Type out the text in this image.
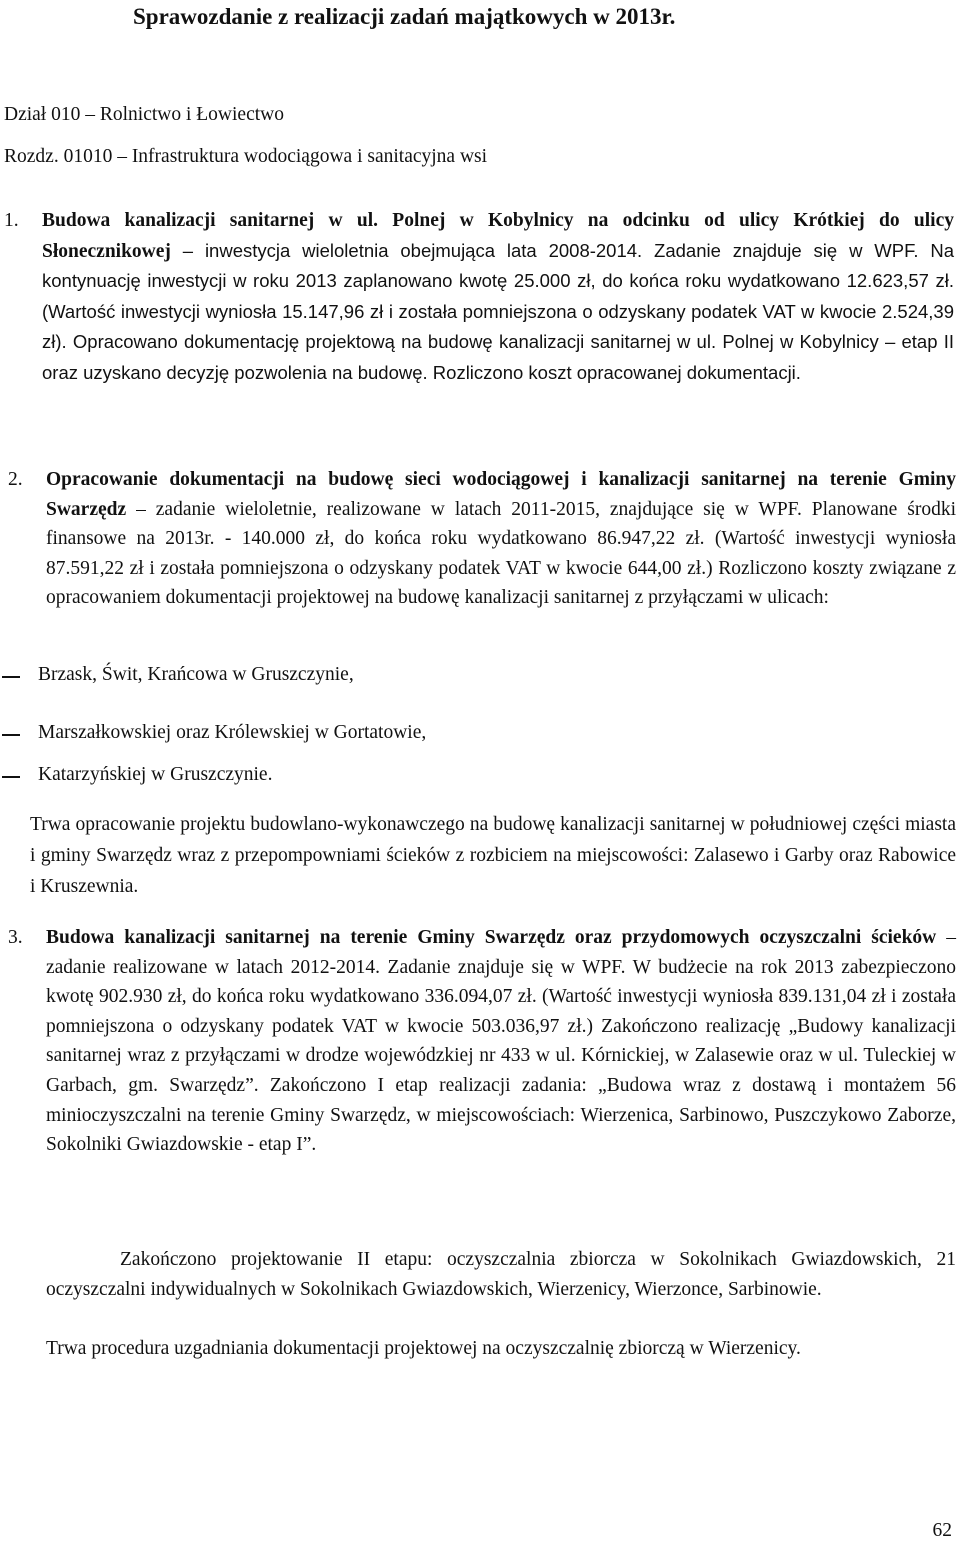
Sprawozdanie z realizacji zadań majątkowych w 2013r.
Dział 010 – Rolnictwo i Łowiectwo
Rozdz. 01010 – Infrastruktura wodociągowa i sanitacyjna wsi
1. Budowa kanalizacji sanitarnej w ul. Polnej w Kobylnicy na odcinku od ulicy Krótkiej do ulicy Słonecznikowej – inwestycja wieloletnia obejmująca lata 2008-2014. Zadanie znajduje się w WPF. Na kontynuację inwestycji w roku 2013 zaplanowano kwotę 25.000 zł, do końca roku wydatkowano 12.623,57 zł. (Wartość inwestycji wyniosła 15.147,96 zł i została pomniejszona o odzyskany podatek VAT w kwocie 2.524,39 zł). Opracowano dokumentację projektową na budowę kanalizacji sanitarnej w ul. Polnej w Kobylnicy – etap II oraz uzyskano decyzję pozwolenia na budowę. Rozliczono koszt opracowanej dokumentacji.

2. Opracowanie dokumentacji na budowę sieci wodociągowej i kanalizacji sanitarnej na terenie Gminy Swarzędz – zadanie wieloletnie, realizowane w latach 2011-2015, znajdujące się w WPF. Planowane środki finansowe na 2013r. - 140.000 zł, do końca roku wydatkowano 86.947,22 zł. (Wartość inwestycji wyniosła 87.591,22 zł i została pomniejszona o odzyskany podatek VAT w kwocie 644,00 zł.) Rozliczono koszty związane z opracowaniem dokumentacji projektowej na budowę kanalizacji sanitarnej z przyłączami w ulicach:

Brzask, Świt, Krańcowa w Gruszczynie,
Marszałkowskiej oraz Królewskiej w Gortatowie,
Katarzyńskiej w Gruszczynie.
Trwa opracowanie projektu budowlano-wykonawczego na budowę kanalizacji sanitarnej w południowej części miasta i gminy Swarzędz wraz z przepompowniami ścieków z rozbiciem na miejscowości: Zalasewo i Garby oraz Rabowice i Kruszewnia.
3. Budowa kanalizacji sanitarnej na terenie Gminy Swarzędz oraz przydomowych oczyszczalni ścieków – zadanie realizowane w latach 2012-2014. Zadanie znajduje się w WPF. W budżecie na rok 2013 zabezpieczono kwotę 902.930 zł, do końca roku wydatkowano 336.094,07 zł. (Wartość inwestycji wyniosła 839.131,04 zł i została pomniejszona o odzyskany podatek VAT w kwocie 503.036,97 zł.) Zakończono realizację „Budowy kanalizacji sanitarnej wraz z przyłączami w drodze wojewódzkiej nr 433 w ul. Kórnickiej, w Zalasewie oraz w ul. Tuleckiej w Garbach, gm. Swarzędz”. Zakończono I etap realizacji zadania: „Budowa wraz z dostawą i montażem 56 minioczyszczalni na terenie Gminy Swarzędz, w miejscowościach: Wierzenica, Sarbinowo, Puszczykowo Zaborze, Sokolniki Gwiazdowskie - etap I”.

Zakończono projektowanie II etapu: oczyszczalnia zbiorcza w Sokolnikach Gwiazdowskich, 21 oczyszczalni indywidualnych w Sokolnikach Gwiazdowskich, Wierzenicy, Wierzonce, Sarbinowie.
Trwa procedura uzgadniania dokumentacji projektowej na oczyszczalnię zbiorczą w Wierzenicy.
62
